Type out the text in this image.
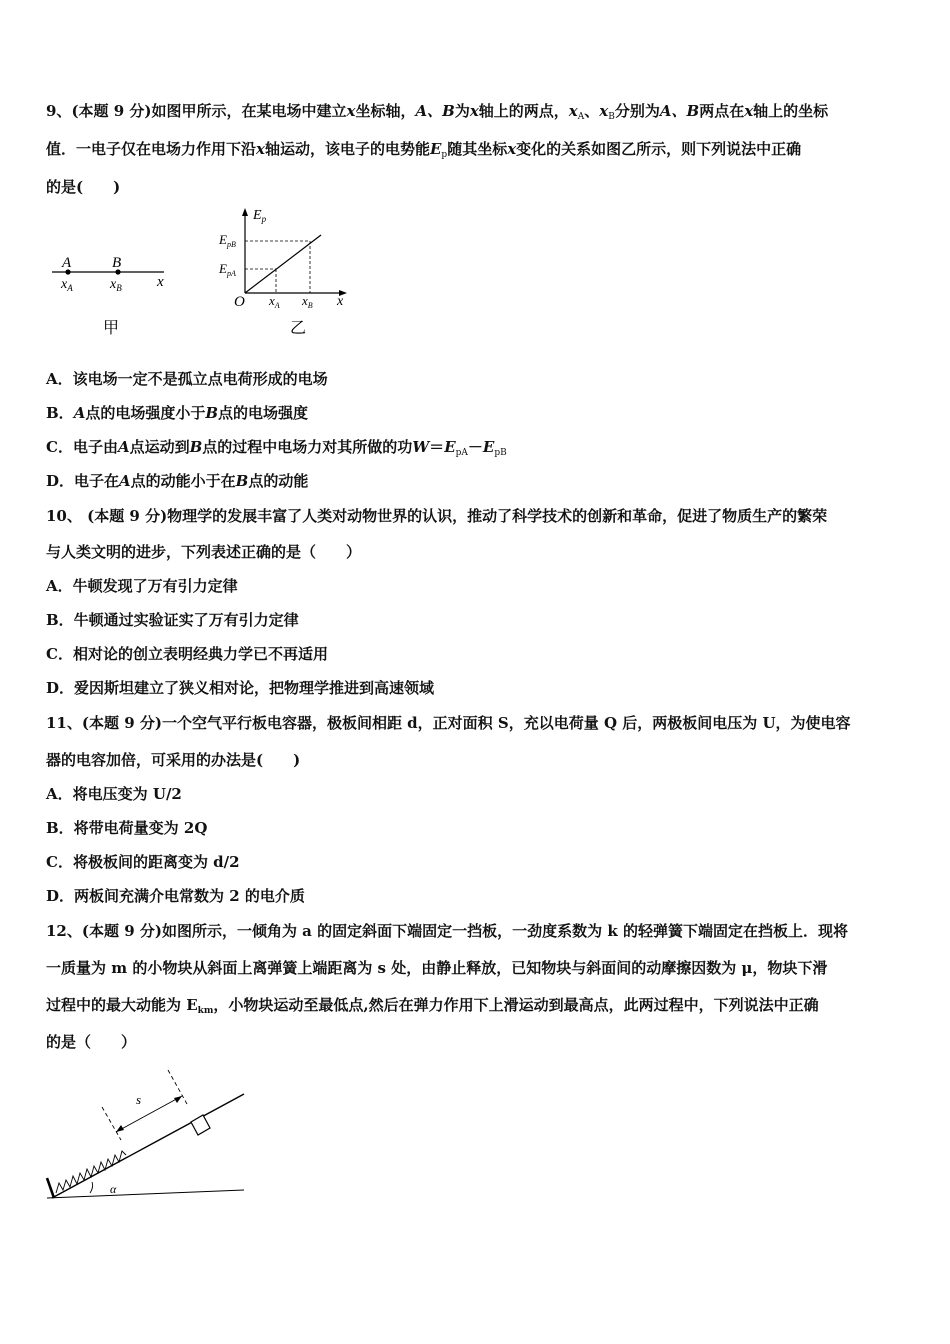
9、(本题 9 分)如图甲所示，在某电场中建立x坐标轴，A、B为x轴上的两点，$x_A$、$x_B$分别为A、B两点在x轴上的坐标
值．一电子仅在电场力作用下沿x轴运动，该电子的电势能$E_p$随其坐标x变化的关系如图乙所示，则下列说法中正确
的是(　　)
A	B
$x_A$	$x_B$ x
甲
$E_p$
$E_{pB}$
$E_{pA}$
O $x_A$ $x_B$ x
乙
A．该电场一定不是孤立点电荷形成的电场
B．A点的电场强度小于B点的电场强度
C．电子由A点运动到B点的过程中电场力对其所做的功$W=E_{pA}-E_{pB}$
D．电子在A点的动能小于在B点的动能
10、 (本题 9 分)物理学的发展丰富了人类对动物世界的认识，推动了科学技术的创新和革命，促进了物质生产的繁荣
与人类文明的进步，下列表述正确的是（　　）
A．牛顿发现了万有引力定律
B．牛顿通过实验证实了万有引力定律
C．相对论的创立表明经典力学已不再适用
D．爱因斯坦建立了狭义相对论，把物理学推进到高速领域
11、(本题 9 分)一个空气平行板电容器，极板间相距 d，正对面积 S，充以电荷量 Q 后，两极板间电压为 U，为使电容
器的电容加倍，可采用的办法是(　　)
A．将电压变为 U/2
B．将带电荷量变为 2Q
C．将极板间的距离变为 d/2
D．两板间充满介电常数为 2 的电介质
12、(本题 9 分)如图所示，一倾角为 a 的固定斜面下端固定一挡板，一劲度系数为 k 的轻弹簧下端固定在挡板上．现将
一质量为 m 的小物块从斜面上离弹簧上端距离为 s 处，由静止释放，已知物块与斜面间的动摩擦因数为 μ，物块下滑
过程中的最大动能为 $E_{km}$，小物块运动至最低点,然后在弹力作用下上滑运动到最高点，此两过程中，下列说法中正确
的是（　　）
s
α
